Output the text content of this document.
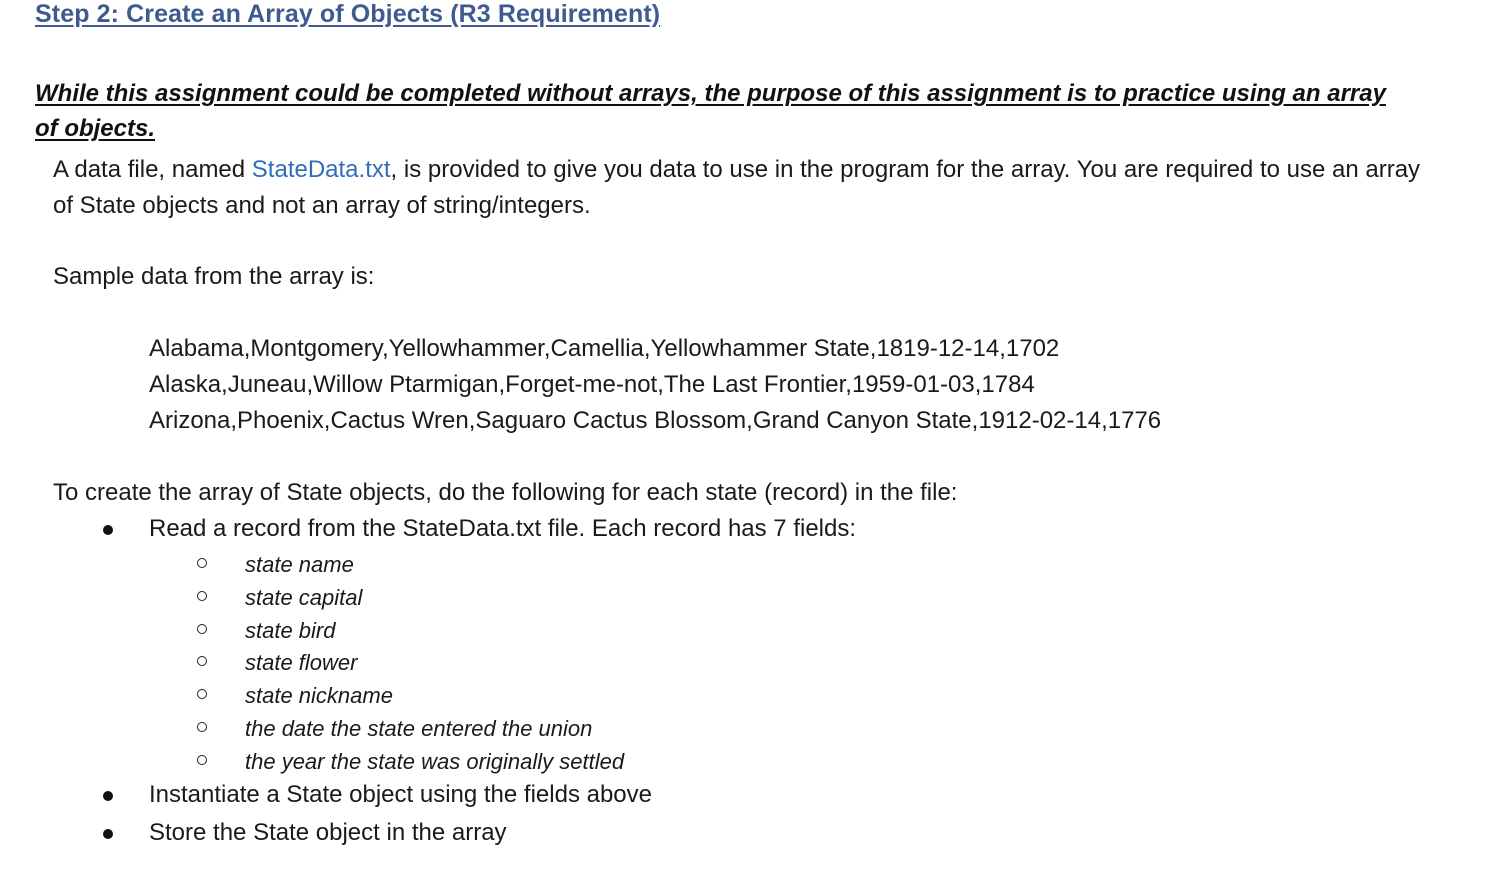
Step 2: Create an Array of Objects (R3 Requirement)
While this assignment could be completed without arrays, the purpose of this assignment is to practice using an array of objects.
A data file, named StateData.txt, is provided to give you data to use in the program for the array. You are required to use an array of State objects and not an array of string/integers.
Sample data from the array is:
Alabama,Montgomery,Yellowhammer,Camellia,Yellowhammer State,1819-12-14,1702
Alaska,Juneau,Willow Ptarmigan,Forget-me-not,The Last Frontier,1959-01-03,1784
Arizona,Phoenix,Cactus Wren,Saguaro Cactus Blossom,Grand Canyon State,1912-02-14,1776
To create the array of State objects, do the following for each state (record) in the file:
Read a record from the StateData.txt file. Each record has 7 fields:
state name
state capital
state bird
state flower
state nickname
the date the state entered the union
the year the state was originally settled
Instantiate a State object using the fields above
Store the State object in the array
